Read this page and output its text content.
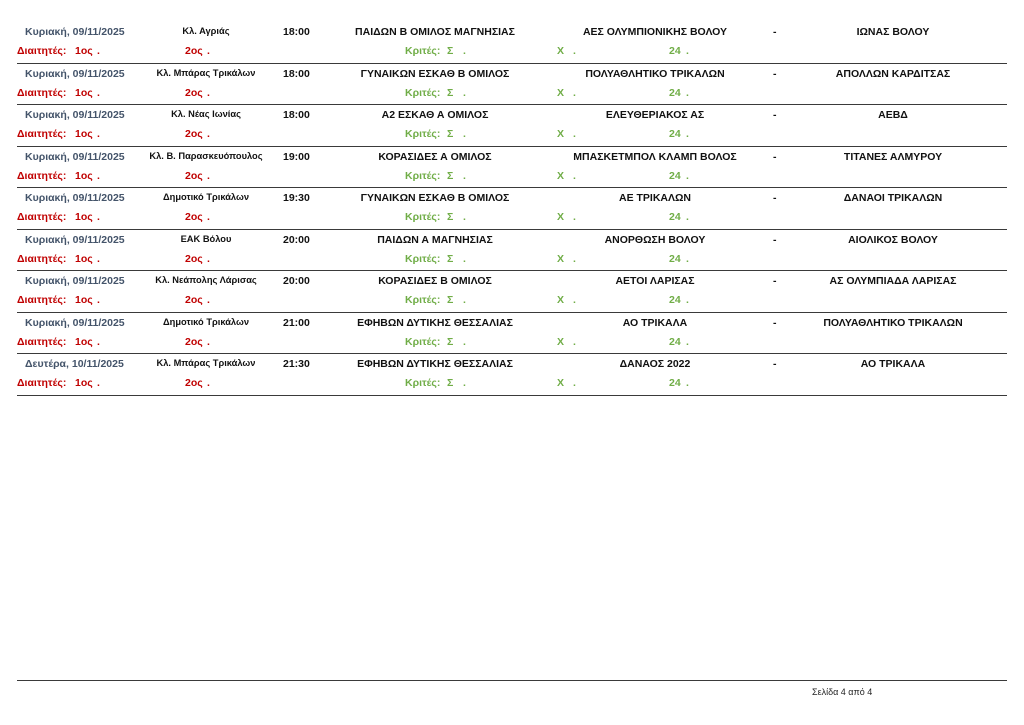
Κυριακή, 09/11/2025	Κλ. Αγριάς	18:00	ΠΑΙΔΩΝ Β ΟΜΙΛΟΣ ΜΑΓΝΗΣΙΑΣ	ΑΕΣ ΟΛΥΜΠΙΟΝΙΚΗΣ ΒΟΛΟΥ	-	ΙΩΝΑΣ ΒΟΛΟΥ
Διαιτητές: 1ος .	2ος .	Κριτές: Σ .	Χ .	24 .
Κυριακή, 09/11/2025	Κλ. Μπάρας Τρικάλων	18:00	ΓΥΝΑΙΚΩΝ ΕΣΚΑΘ Β ΟΜΙΛΟΣ	ΠΟΛΥΑΘΛΗΤΙΚΟ ΤΡΙΚΑΛΩΝ	-	ΑΠΟΛΛΩΝ ΚΑΡΔΙΤΣΑΣ
Διαιτητές: 1ος .	2ος .	Κριτές: Σ .	Χ .	24 .
Κυριακή, 09/11/2025	Κλ. Νέας Ιωνίας	18:00	Α2 ΕΣΚΑΘ Α ΟΜΙΛΟΣ	ΕΛΕΥΘΕΡΙΑΚΟΣ ΑΣ	-	ΑΕΒΔ
Διαιτητές: 1ος .	2ος .	Κριτές: Σ .	Χ .	24 .
Κυριακή, 09/11/2025	Κλ. Β. Παρασκευόπουλος 19:00	ΚΟΡΑΣΙΔΕΣ Α ΟΜΙΛΟΣ	ΜΠΑΣΚΕΤΜΠΟΛ ΚΛΑΜΠ ΒΟΛΟΣ	-	ΤΙΤΑΝΕΣ ΑΛΜΥΡΟΥ
Διαιτητές: 1ος .	2ος .	Κριτές: Σ .	Χ .	24 .
Κυριακή, 09/11/2025	Δημοτικό Τρικάλων	19:30	ΓΥΝΑΙΚΩΝ ΕΣΚΑΘ Β ΟΜΙΛΟΣ	ΑΕ ΤΡΙΚΑΛΩΝ	-	ΔΑΝΑΟΙ ΤΡΙΚΑΛΩΝ
Διαιτητές: 1ος .	2ος .	Κριτές: Σ .	Χ .	24 .
Κυριακή, 09/11/2025	ΕΑΚ Βόλου	20:00	ΠΑΙΔΩΝ Α ΜΑΓΝΗΣΙΑΣ	ΑΝΟΡΘΩΣΗ ΒΟΛΟΥ	-	ΑΙΟΛΙΚΟΣ ΒΟΛΟΥ
Διαιτητές: 1ος .	2ος .	Κριτές: Σ .	Χ .	24 .
Κυριακή, 09/11/2025	Κλ. Νεάπολης Λάρισας	20:00	ΚΟΡΑΣΙΔΕΣ Β ΟΜΙΛΟΣ	ΑΕΤΟΙ ΛΑΡΙΣΑΣ	-	ΑΣ ΟΛΥΜΠΙΑΔΑ ΛΑΡΙΣΑΣ
Διαιτητές: 1ος .	2ος .	Κριτές: Σ .	Χ .	24 .
Κυριακή, 09/11/2025	Δημοτικό Τρικάλων	21:00	ΕΦΗΒΩΝ ΔΥΤΙΚΗΣ ΘΕΣΣΑΛΙΑΣ	ΑΟ ΤΡΙΚΑΛΑ	-	ΠΟΛΥΑΘΛΗΤΙΚΟ ΤΡΙΚΑΛΩΝ
Διαιτητές: 1ος .	2ος .	Κριτές: Σ .	Χ .	24 .
Δευτέρα, 10/11/2025	Κλ. Μπάρας Τρικάλων	21:30	ΕΦΗΒΩΝ ΔΥΤΙΚΗΣ ΘΕΣΣΑΛΙΑΣ	ΔΑΝΑΟΣ 2022	-	ΑΟ ΤΡΙΚΑΛΑ
Διαιτητές: 1ος .	2ος .	Κριτές: Σ .	Χ .	24 .
Σελίδα 4 από 4
